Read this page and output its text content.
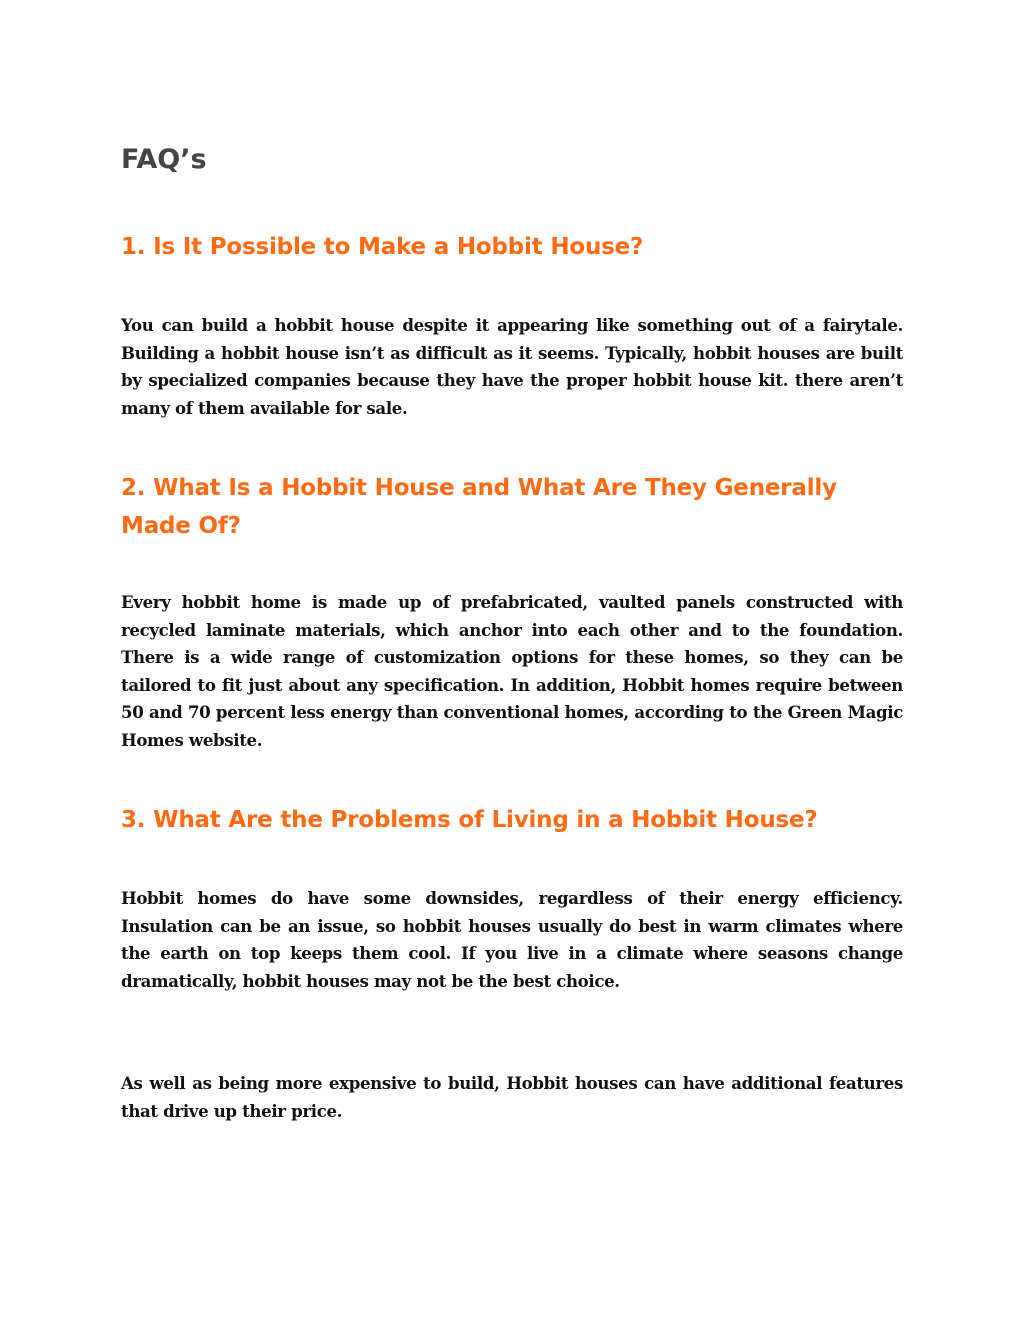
FAQ’s
1. Is It Possible to Make a Hobbit House?

You can build a hobbit house despite it appearing like something out of a fairytale. Building a hobbit house isn’t as difficult as it seems. Typically, hobbit houses are built by specialized companies because they have the proper hobbit house kit. there aren’t many of them available for sale.

2. What Is a Hobbit House and What Are They Generally Made Of?

Every hobbit home is made up of prefabricated, vaulted panels constructed with recycled laminate materials, which anchor into each other and to the foundation. There is a wide range of customization options for these homes, so they can be tailored to fit just about any specification. In addition, Hobbit homes require between 50 and 70 percent less energy than conventional homes, according to the Green Magic Homes website.

3. What Are the Problems of Living in a Hobbit House?

Hobbit homes do have some downsides, regardless of their energy efficiency. Insulation can be an issue, so hobbit houses usually do best in warm climates where the earth on top keeps them cool. If you live in a climate where seasons change dramatically, hobbit houses may not be the best choice.

As well as being more expensive to build, Hobbit houses can have additional features that drive up their price.
